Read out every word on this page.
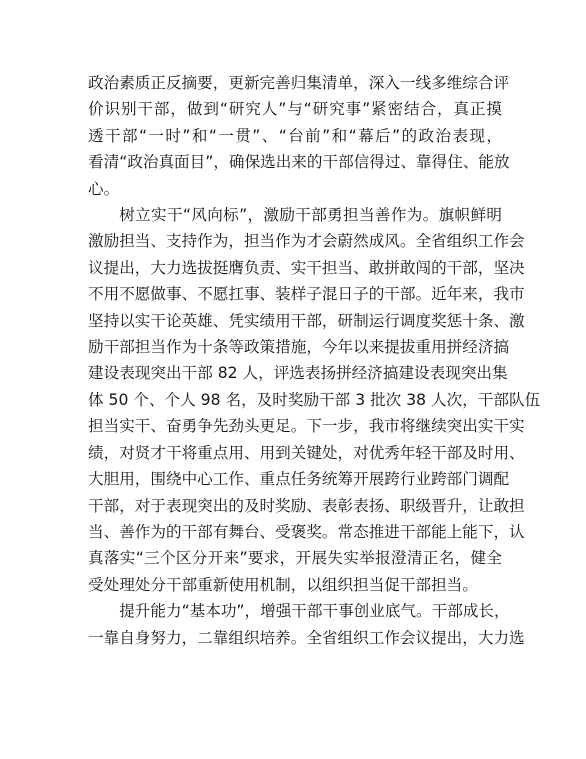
政治素质正反摘要，更新完善归集清单，深入一线多维综合评
价识别干部，做到“研究人”与“研究事”紧密结合，真正摸
透干部“一时”和“一贯”、“台前”和“幕后”的政治表现，
看清“政治真面目”，确保选出来的干部信得过、靠得住、能放
心。

树立实干“风向标”，激励干部勇担当善作为。旗帜鲜明
激励担当、支持作为，担当作为才会蔚然成风。全省组织工作会
议提出，大力选拔挺膺负责、实干担当、敢拼敢闯的干部，坚决
不用不愿做事、不愿扛事、装样子混日子的干部。近年来，我市
坚持以实干论英雄、凭实绩用干部，研制运行调度奖惩十条、激
励干部担当作为十条等政策措施，今年以来提拔重用拼经济搞
建设表现突出干部 82 人，评选表扬拼经济搞建设表现突出集
体 50 个、个人 98 名，及时奖励干部 3 批次 38 人次，干部队伍
担当实干、奋勇争先劲头更足。下一步，我市将继续突出实干实
绩，对贤才干将重点用、用到关键处，对优秀年轻干部及时用、
大胆用，围绕中心工作、重点任务统筹开展跨行业跨部门调配
干部，对于表现突出的及时奖励、表彰表扬、职级晋升，让敢担
当、善作为的干部有舞台、受褒奖。常态推进干部能上能下，认
真落实“三个区分开来”要求，开展失实举报澄清正名，健全
受处理处分干部重新使用机制，以组织担当促干部担当。

提升能力“基本功”，增强干部干事创业底气。干部成长，
一靠自身努力，二靠组织培养。全省组织工作会议提出，大力选
